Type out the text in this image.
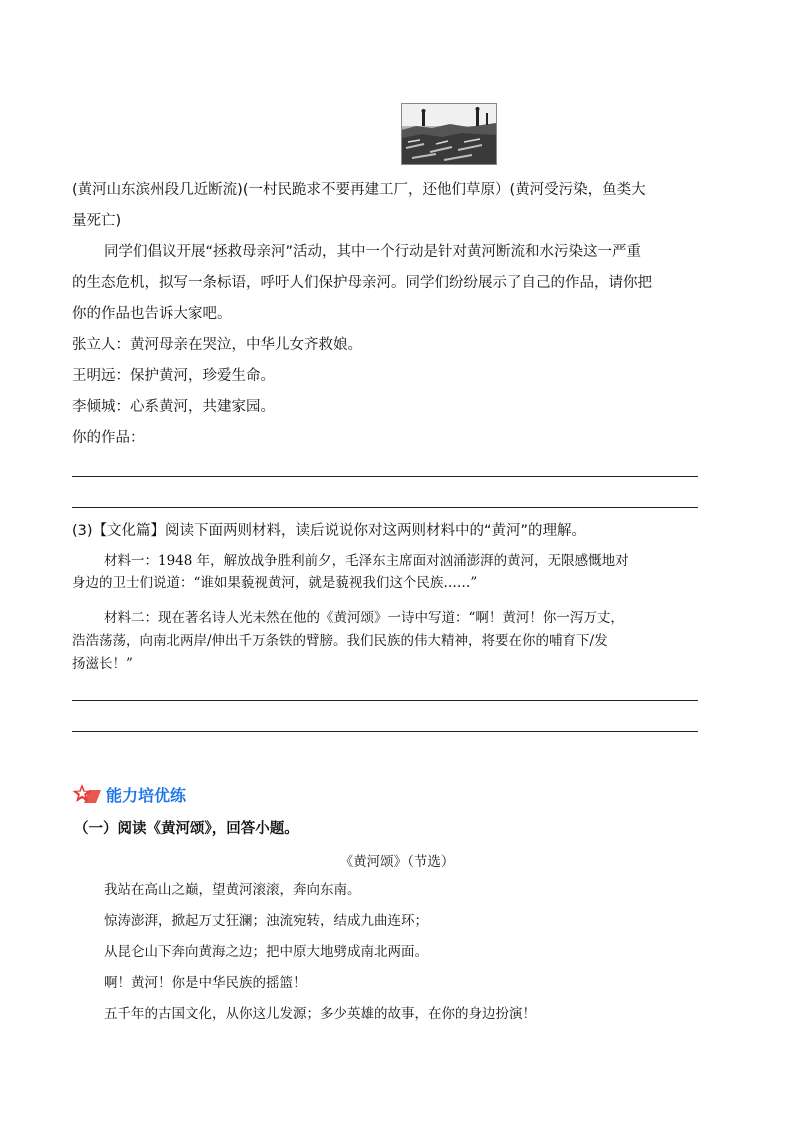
(黄河山东滨州段几近断流)(一村民跪求不要再建工厂，还他们草原）(黄河受污染，鱼类大
量死亡)
同学们倡议开展“拯救母亲河”活动，其中一个行动是针对黄河断流和水污染这一严重
的生态危机，拟写一条标语，呼吁人们保护母亲河。同学们纷纷展示了自己的作品，请你把
你的作品也告诉大家吧。
张立人：黄河母亲在哭泣，中华儿女齐救娘。
王明远：保护黄河，珍爱生命。
李倾城：心系黄河，共建家园。
你的作品：
(3)【文化篇】阅读下面两则材料，读后说说你对这两则材料中的“黄河”的理解。
材料一：1948 年，解放战争胜利前夕，毛泽东主席面对汹涌澎湃的黄河，无限感慨地对
身边的卫士们说道：“谁如果藐视黄河，就是藐视我们这个民族……”
材料二：现在著名诗人光未然在他的《黄河颂》一诗中写道：“啊！黄河！你一泻万丈，
浩浩荡荡，向南北两岸/伸出千万条铁的臂膀。我们民族的伟大精神，将要在你的哺育下/发
扬滋长！”
能力培优练
（一）阅读《黄河颂》，回答小题。
《黄河颂》（节选）
我站在高山之巅，望黄河滚滚，奔向东南。
惊涛澎湃，掀起万丈狂澜；浊流宛转，结成九曲连环；
从昆仑山下奔向黄海之边；把中原大地劈成南北两面。
啊！黄河！你是中华民族的摇篮！
五千年的古国文化，从你这儿发源；多少英雄的故事，在你的身边扮演！
